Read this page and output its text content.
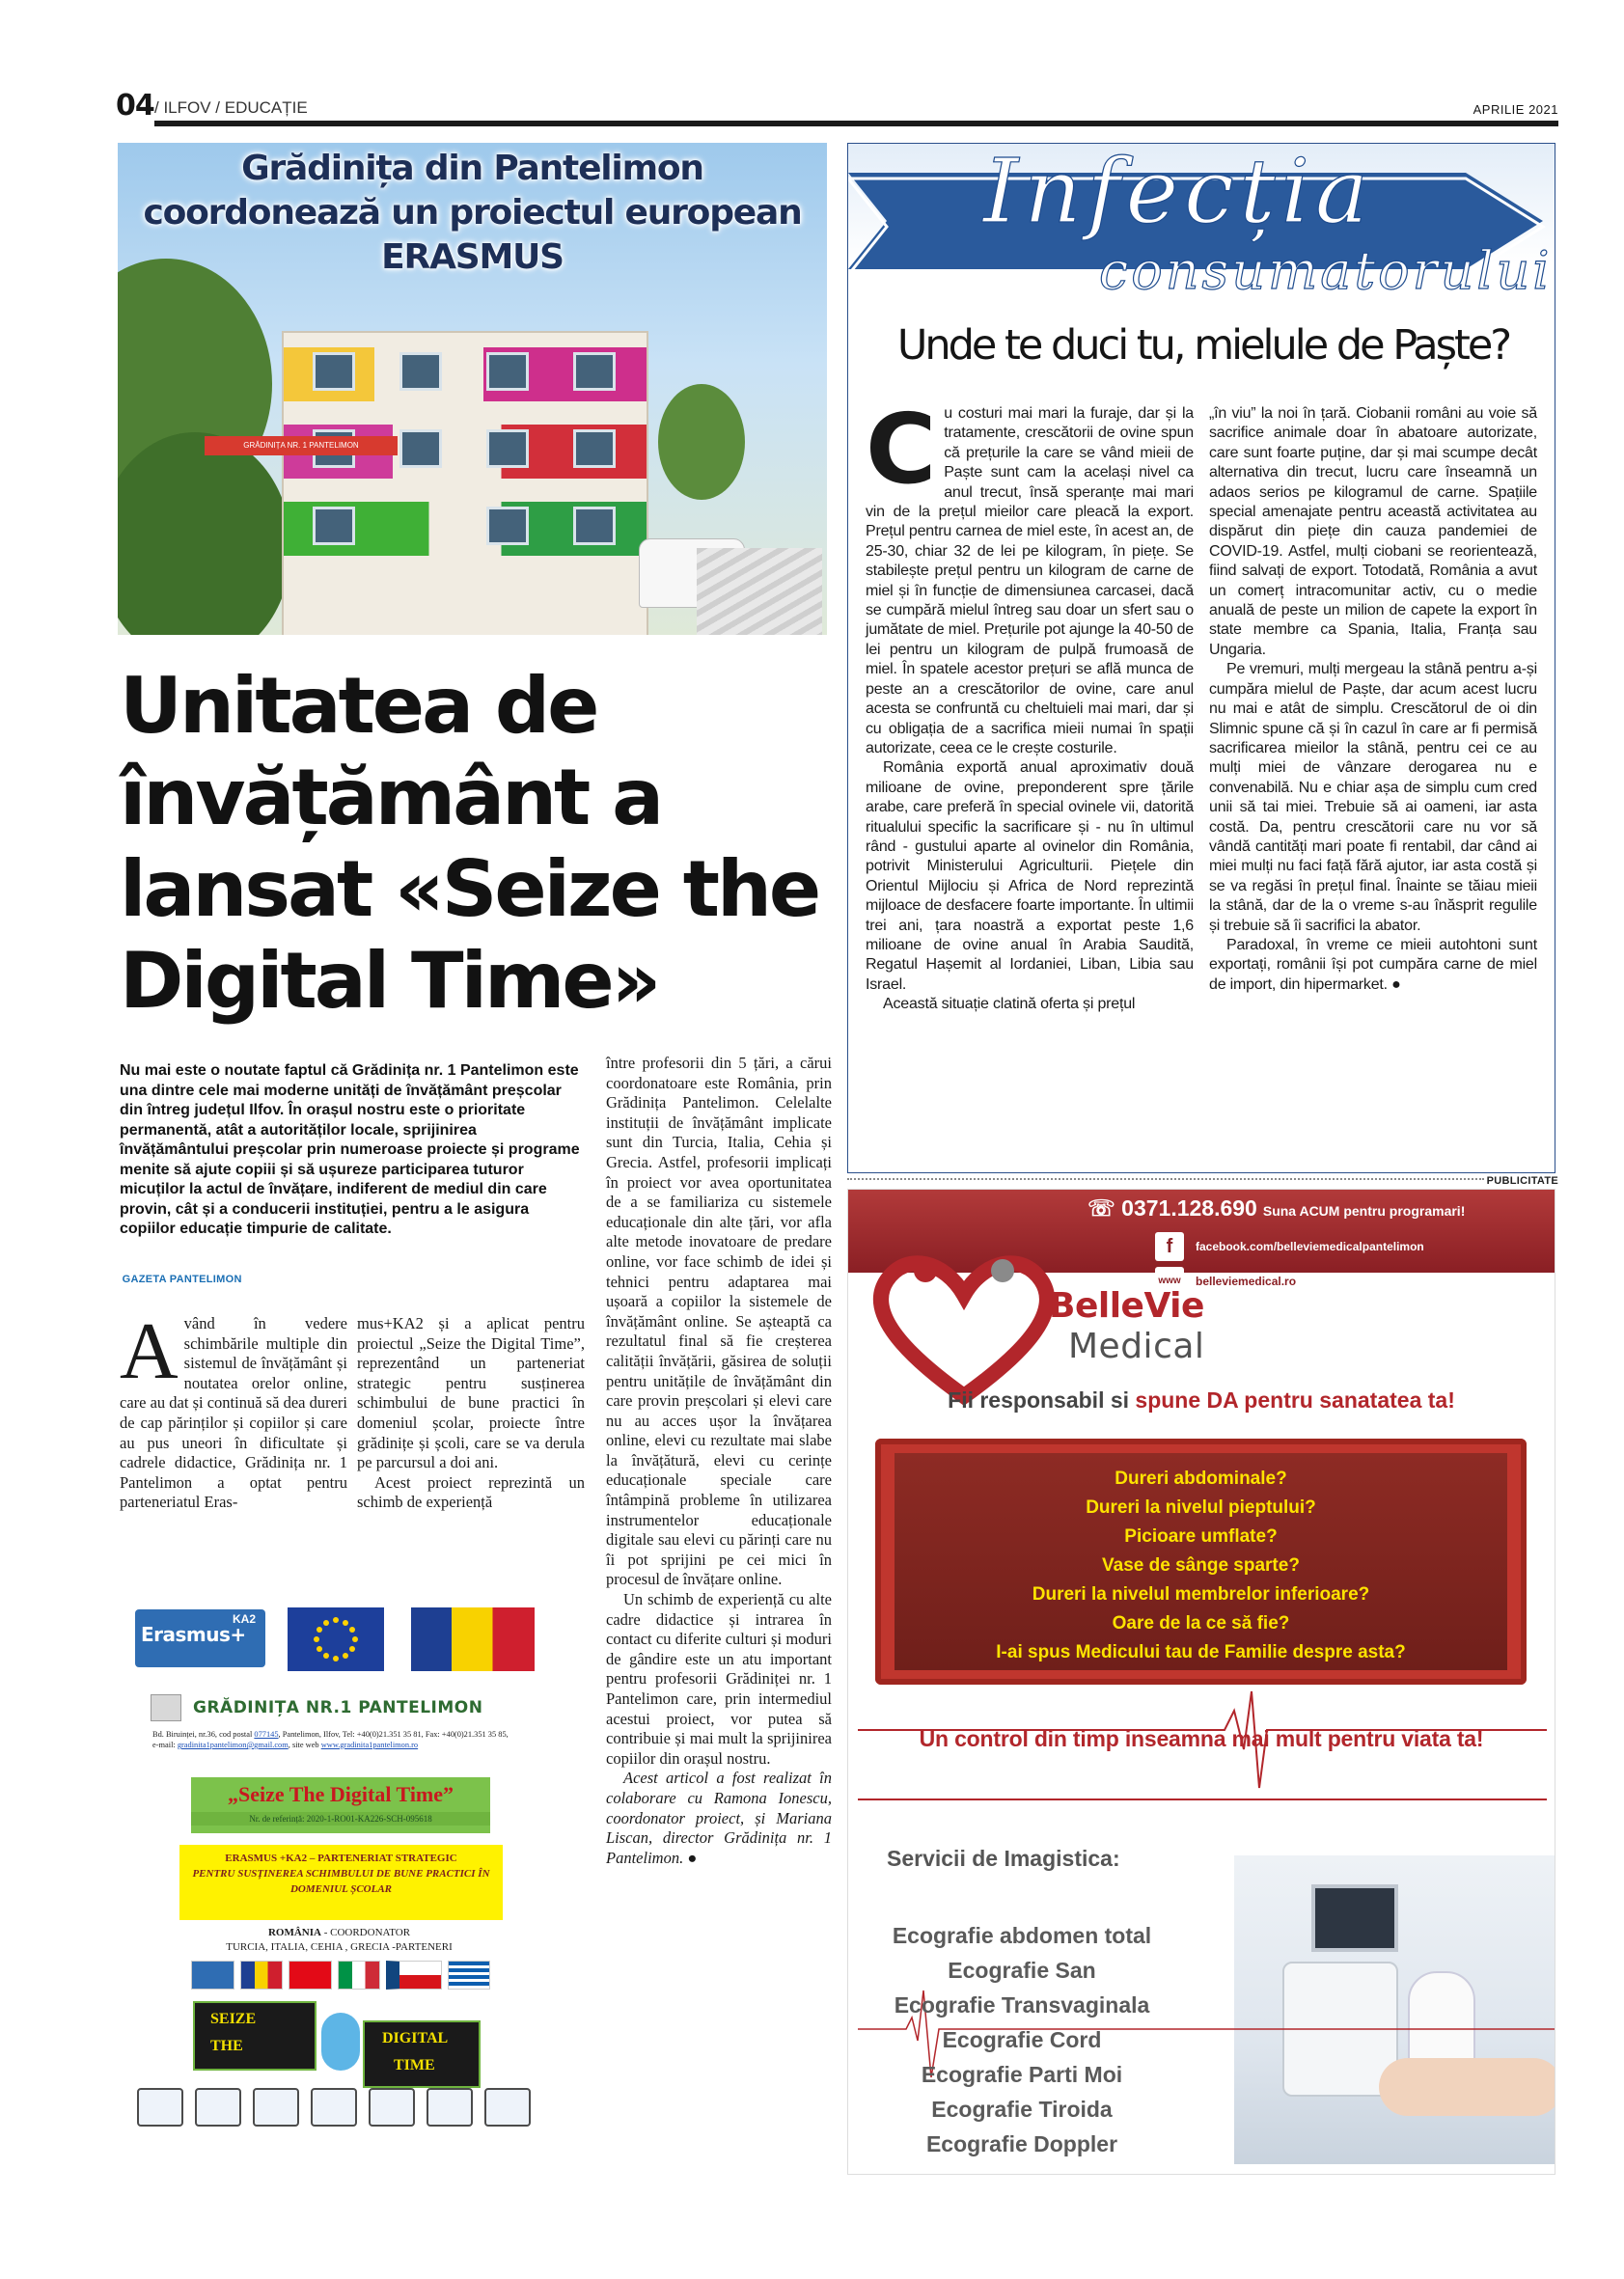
04
GAZETA PANTELIMON
/ ILFOV / EDUCAȚIE	APRILIE 2021
GRĂDINIȚA NR. 1 PANTELIMON
Grădinița din Pantelimon coordonează un proiectul european ERASMUS
Unitatea de învățământ a lansat «Seize the Digital Time»
Nu mai este o noutate faptul că Grădinița nr. 1 Pantelimon este una dintre cele mai moderne unități de învățământ preșcolar din întreg județul Ilfov. În orașul nostru este o prioritate permanentă, atât a autorităților locale, sprijinirea învățământului preșcolar prin numeroase proiecte și programe menite să ajute copiii și să ușureze participarea tuturor micuților la actul de învățare, indiferent de mediul din care provin, cât și a conducerii instituției, pentru a le asigura copiilor educație timpurie de calitate.

Având în vedere schimbările multiple din sistemul de învățământ și noutatea orelor online, care au dat și continuă să dea dureri de cap părinților și copiilor și care au pus uneori în dificultate și cadrele didactice, Grădinița nr. 1 Pantelimon a optat pentru parteneriatul Eras-

mus+KA2 și a aplicat pentru proiectul „Seize the Digital Time”, reprezentând un parteneriat strategic pentru susținerea schimbului de bune practici în domeniul școlar, proiecte între grădinițe și școli, care se va derula pe parcursul a doi ani.

Acest proiect reprezintă un schimb de experiență

între profesorii din 5 țări, a cărui coordonatoare este România, prin Grădinița Pantelimon. Celelalte instituții de învățământ implicate sunt din Turcia, Italia, Cehia și Grecia. Astfel, profesorii implicați în proiect vor avea oportunitatea de a se familiariza cu sistemele educaționale din alte țări, vor afla alte metode inovatoare de predare online, vor face schimb de idei și tehnici pentru adaptarea mai ușoară a copiilor la sistemele de învățământ online. Se așteaptă ca rezultatul final să fie creșterea calității învățării, găsirea de soluții pentru unitățile de învățământ din care provin preșcolari și elevi care nu au acces ușor la învățarea online, elevi cu rezultate mai slabe la învățătură, elevi cu cerințe educaționale speciale care întâmpină probleme în utilizarea instrumentelor educaționale digitale sau elevi cu părinți care nu îi pot sprijini pe cei mici în procesul de învățare online.

Un schimb de experiență cu alte cadre didactice și intrarea în contact cu diferite culturi și moduri de gândire este un atu important pentru profesorii Grădiniței nr. 1 Pantelimon care, prin intermediul acestui proiect, vor putea să contribuie și mai mult la sprijinirea copiilor din orașul nostru.

Acest articol a fost realizat în colaborare cu Ramona Ionescu, coordonator proiect, și Mariana Liscan, director Grădinița nr. 1 Pantelimon. ●

Erasmus+
KA2
GRĂDINIȚA NR.1 PANTELIMON
Bd. Biruinței, nr.36, cod postal 077145, Pantelimon, Ilfov, Tel: +40(0)21.351 35 81, Fax: +40(0)21.351 35 85,
e-mail: gradinita1pantelimon@gmail.com, site web www.gradinita1pantelimon.ro
„Seize The Digital Time”
Nr. de referință: 2020-1-RO01-KA226-SCH-095618
ERASMUS +KA2 – PARTENERIAT STRATEGIC
PENTRU SUSȚINEREA SCHIMBULUI DE BUNE PRACTICI ÎN DOMENIUL ȘCOLAR
ROMÂNIA - COORDONATOR
TURCIA, ITALIA, CEHIA , GRECIA -PARTENERI
SEIZE
THE	DIGITAL
TIME
Infecția
consumatorului
Unde te duci tu, mielule de Paște?

Cu costuri mai mari la furaje, dar și la tratamente, crescătorii de ovine spun că prețurile la care se vând mieii de Paște sunt cam la același nivel ca anul trecut, însă speranțe mai mari vin de la prețul mieilor care pleacă la export. Prețul pentru carnea de miel este, în acest an, de 25-30, chiar 32 de lei pe kilogram, în piețe. Se stabilește prețul pentru un kilogram de carne de miel și în funcție de dimensiunea carcasei, dacă se cumpără mielul întreg sau doar un sfert sau o jumătate de miel. Prețurile pot ajunge la 40-50 de lei pentru un kilogram de pulpă frumoasă de miel. În spatele acestor prețuri se află munca de peste an a crescătorilor de ovine, care anul acesta se confruntă cu cheltuieli mai mari, dar și cu obligația de a sacrifica mieii numai în spații autorizate, ceea ce le crește costurile.

România exportă anual aproximativ două milioane de ovine, preponderent spre țările arabe, care preferă în special ovinele vii, datorită ritualului specific la sacrificare și - nu în ultimul rând - gustului aparte al ovinelor din România, potrivit Ministerului Agriculturii. Piețele din Orientul Mijlociu și Africa de Nord reprezintă mijloace de desfacere foarte importante. În ultimii trei ani, țara noastră a exportat peste 1,6 milioane de ovine anual în Arabia Saudită, Regatul Hașemit al Iordaniei, Liban, Libia sau Israel.

Această situație clatină oferta și prețul

„în viu” la noi în țară. Ciobanii români au voie să sacrifice animale doar în abatoare autorizate, care sunt foarte puține, dar și mai scumpe decât alternativa din trecut, lucru care înseamnă un adaos serios pe kilogramul de carne. Spațiile special amenajate pentru această activitatea au dispărut din piețe din cauza pandemiei de COVID-19. Astfel, mulți ciobani se reorientează, fiind salvați de export. Totodată, România a avut un comerț intracomunitar activ, cu o medie anuală de peste un milion de capete la export în state membre ca Spania, Italia, Franța sau Ungaria.

Pe vremuri, mulți mergeau la stână pentru a-și cumpăra mielul de Paște, dar acum acest lucru nu mai e atât de simplu. Crescătorul de oi din Slimnic spune că și în cazul în care ar fi permisă sacrificarea mieilor la stână, pentru cei ce au mulți miei de vânzare derogarea nu e convenabilă. Nu e chiar așa de simplu cum cred unii să tai miei. Trebuie să ai oameni, iar asta costă. Da, pentru crescătorii care nu vor să vândă cantități mari poate fi rentabil, dar când ai miei mulți nu faci față fără ajutor, iar asta costă și se va regăsi în prețul final. Înainte se tăiau mieii la stână, dar de la o vreme s-au înăsprit regulile și trebuie să îi sacrifici la abator.

Paradoxal, în vreme ce mieii autohtoni sunt exportați, românii își pot cumpăra carne de miel de import, din hipermarket. ●

PUBLICITATE
☏ 0371.128.690 Suna ACUM pentru programari!
f	facebook.com/belleviemedicalpantelimon
www belleviemedical.ro
BelleVie
Medical
Fii responsabil si spune DA pentru sanatatea ta!
Dureri abdominale?
Dureri la nivelul pieptului?
Picioare umflate?
Vase de sânge sparte?
Dureri la nivelul membrelor inferioare?
Oare de la ce să fie?
I-ai spus Medicului tau de Familie despre asta?
Un control din timp inseamna mai mult pentru viata ta!
Servicii de Imagistica:
Ecografie abdomen total
Ecografie San
Ecografie Transvaginala
Ecografie Cord
Ecografie Parti Moi
Ecografie Tiroida
Ecografie Doppler
